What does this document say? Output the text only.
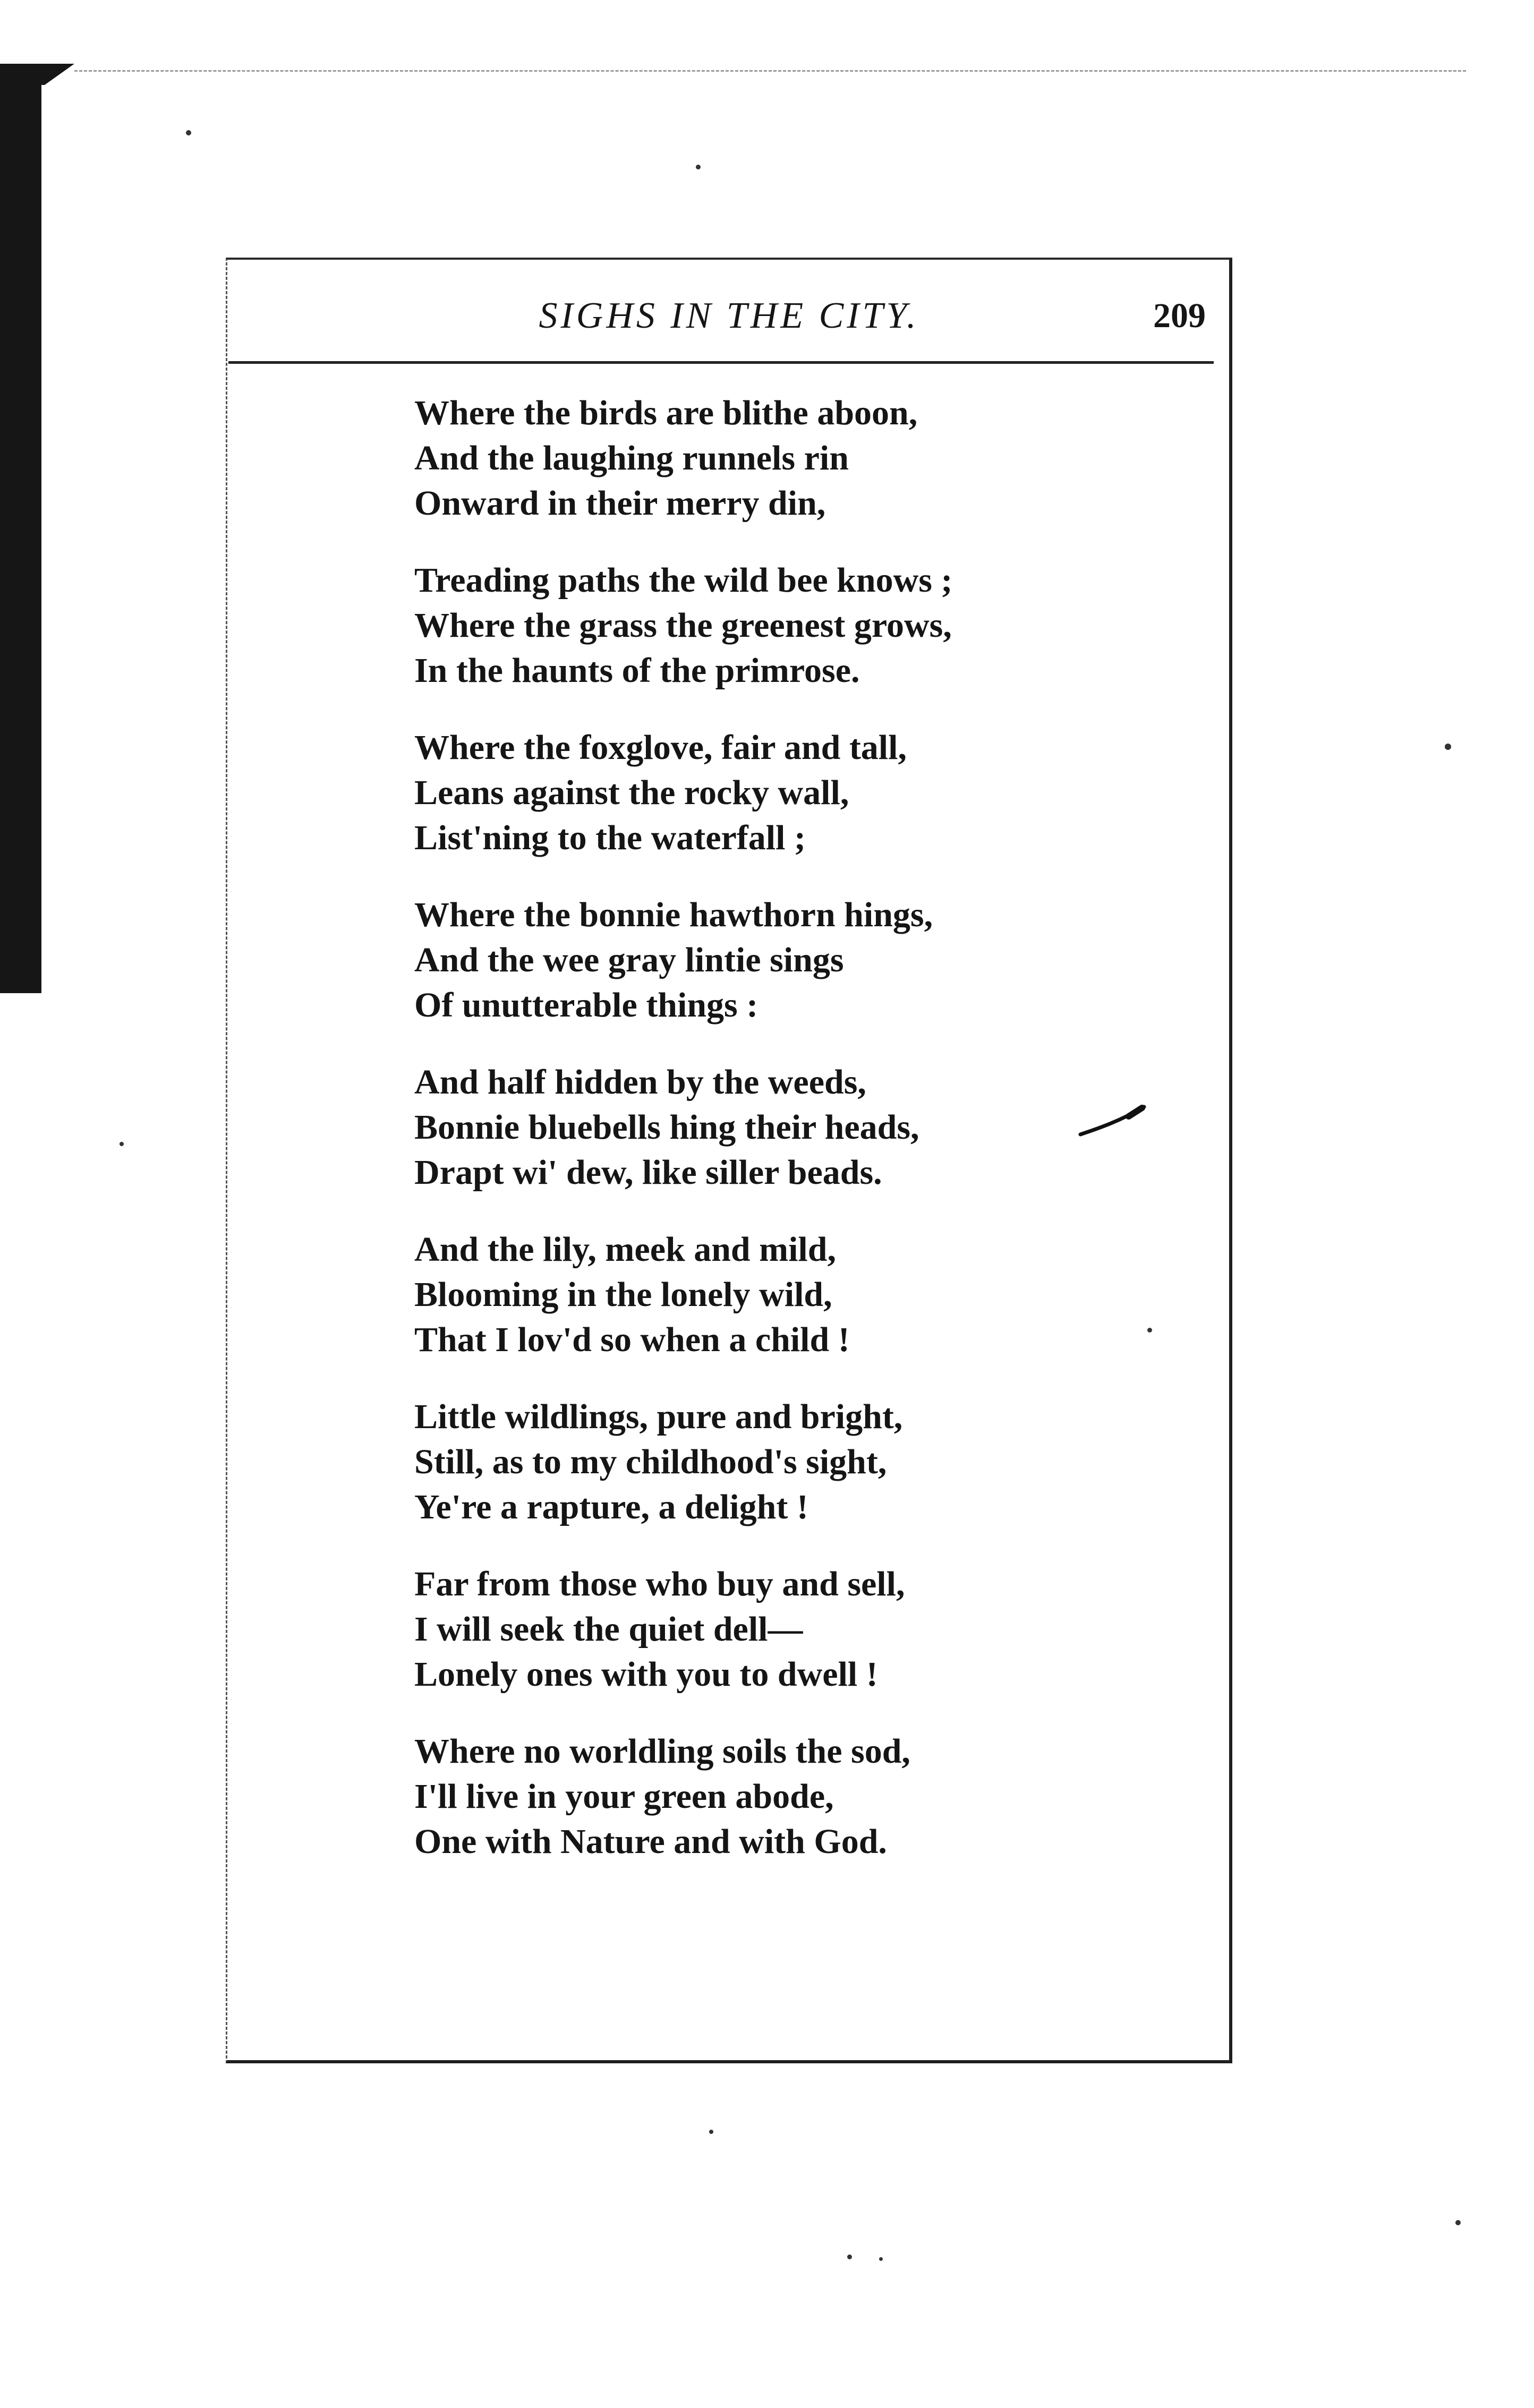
SIGHS IN THE CITY.	209
Where the birds are blithe aboon,
And the laughing runnels rin
Onward in their merry din,
Treading paths the wild bee knows ;
Where the grass the greenest grows,
In the haunts of the primrose.
Where the foxglove, fair and tall,
Leans against the rocky wall,
List'ning to the waterfall ;
Where the bonnie hawthorn hings,
And the wee gray lintie sings
Of unutterable things :
And half hidden by the weeds,
Bonnie bluebells hing their heads,
Drapt wi' dew, like siller beads.
And the lily, meek and mild,
Blooming in the lonely wild,
That I lov'd so when a child !
Little wildlings, pure and bright,
Still, as to my childhood's sight,
Ye're a rapture, a delight !
Far from those who buy and sell,
I will seek the quiet dell—
Lonely ones with you to dwell !
Where no worldling soils the sod,
I'll live in your green abode,
One with Nature and with God.
